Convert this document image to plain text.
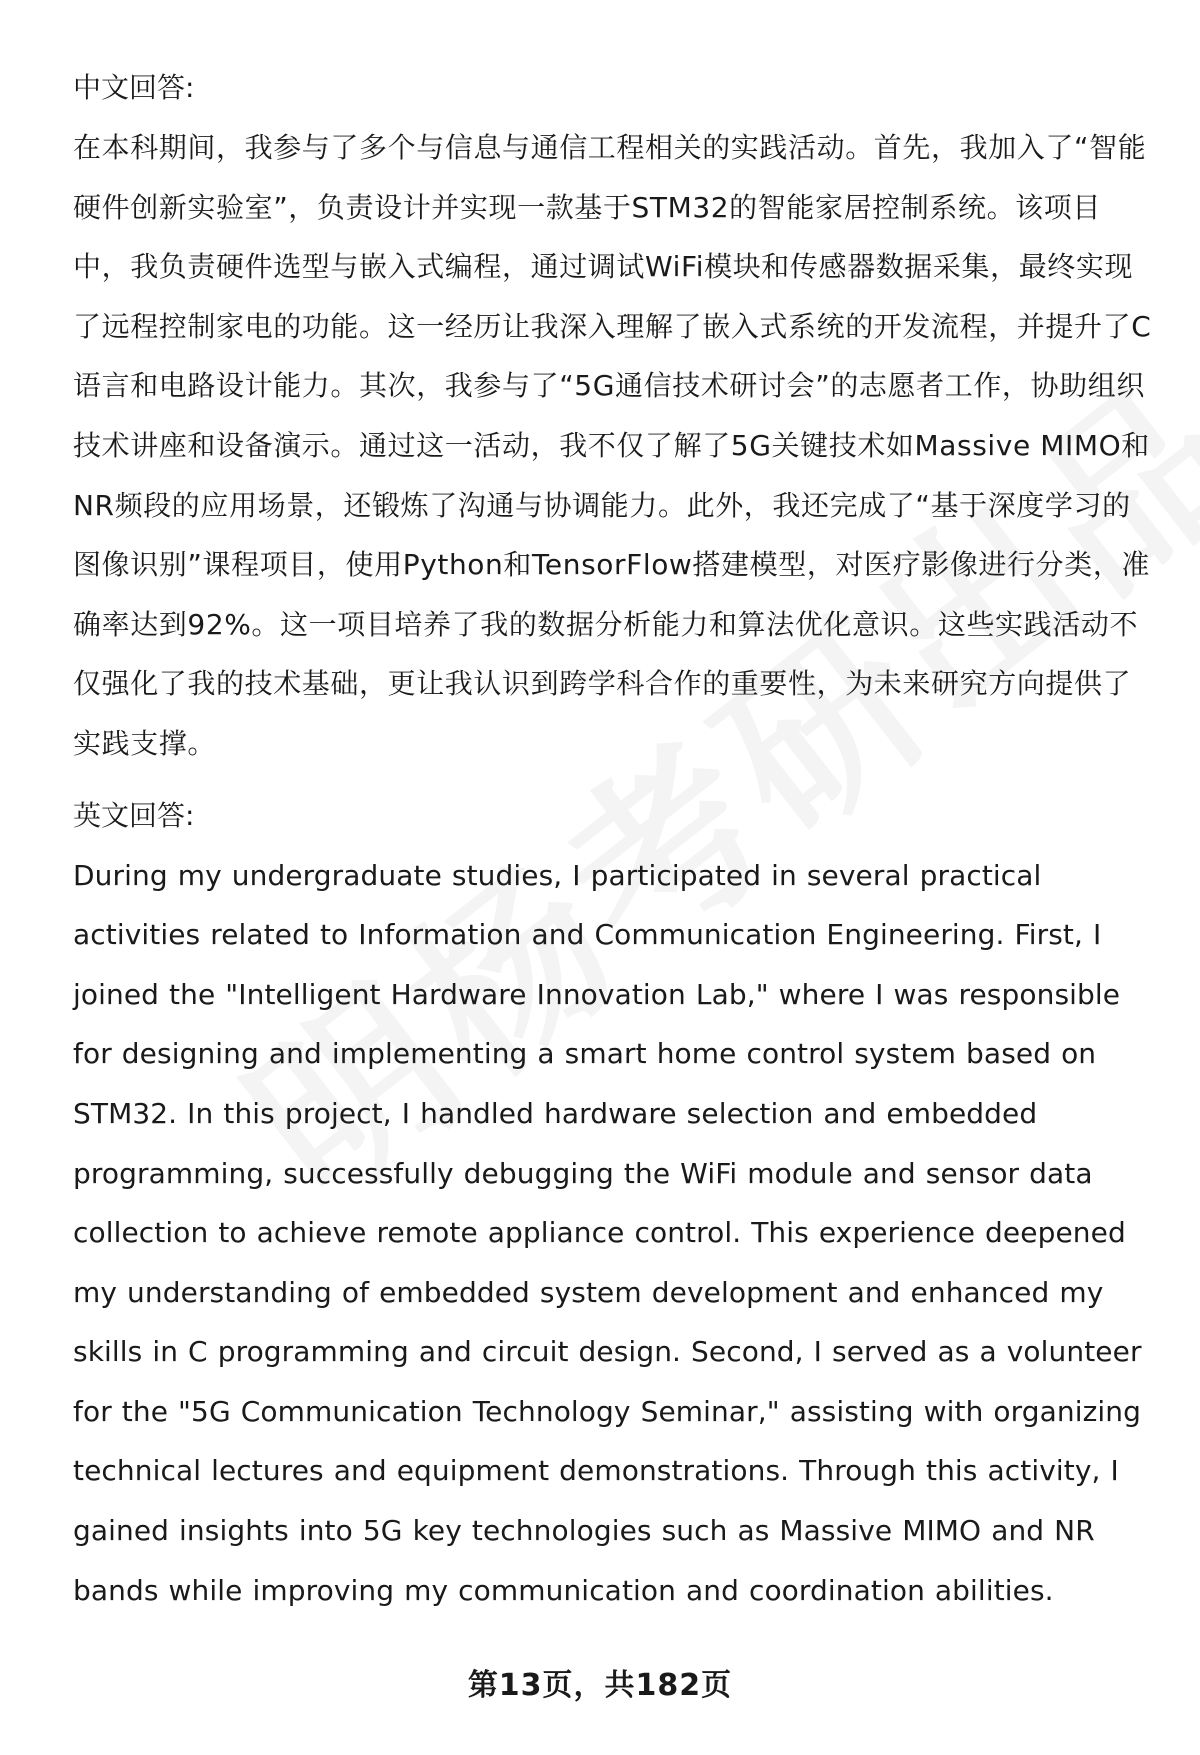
中文回答:

在本科期间，我参与了多个与信息与通信工程相关的实践活动。首先，我加入了“智能硬件创新实验室”，负责设计并实现一款基于STM32的智能家居控制系统。该项目中，我负责硬件选型与嵌入式编程，通过调试WiFi模块和传感器数据采集，最终实现了远程控制家电的功能。这一经历让我深入理解了嵌入式系统的开发流程，并提升了C语言和电路设计能力。其次，我参与了“5G通信技术研讨会”的志愿者工作，协助组织技术讲座和设备演示。通过这一活动，我不仅了解了5G关键技术如Massive MIMO和NR频段的应用场景，还锻炼了沟通与协调能力。此外，我还完成了“基于深度学习的图像识别”课程项目，使用Python和TensorFlow搭建模型，对医疗影像进行分类，准确率达到92%。这一项目培养了我的数据分析能力和算法优化意识。这些实践活动不仅强化了我的技术基础，更让我认识到跨学科合作的重要性，为未来研究方向提供了实践支撑。

英文回答:

During my undergraduate studies, I participated in several practical activities related to Information and Communication Engineering. First, I joined the "Intelligent Hardware Innovation Lab," where I was responsible for designing and implementing a smart home control system based on STM32. In this project, I handled hardware selection and embedded programming, successfully debugging the WiFi module and sensor data collection to achieve remote appliance control. This experience deepened my understanding of embedded system development and enhanced my skills in C programming and circuit design. Second, I served as a volunteer for the "5G Communication Technology Seminar," assisting with organizing technical lectures and equipment demonstrations. Through this activity, I gained insights into 5G key technologies such as Massive MIMO and NR bands while improving my communication and coordination abilities.

第13页，共182页
